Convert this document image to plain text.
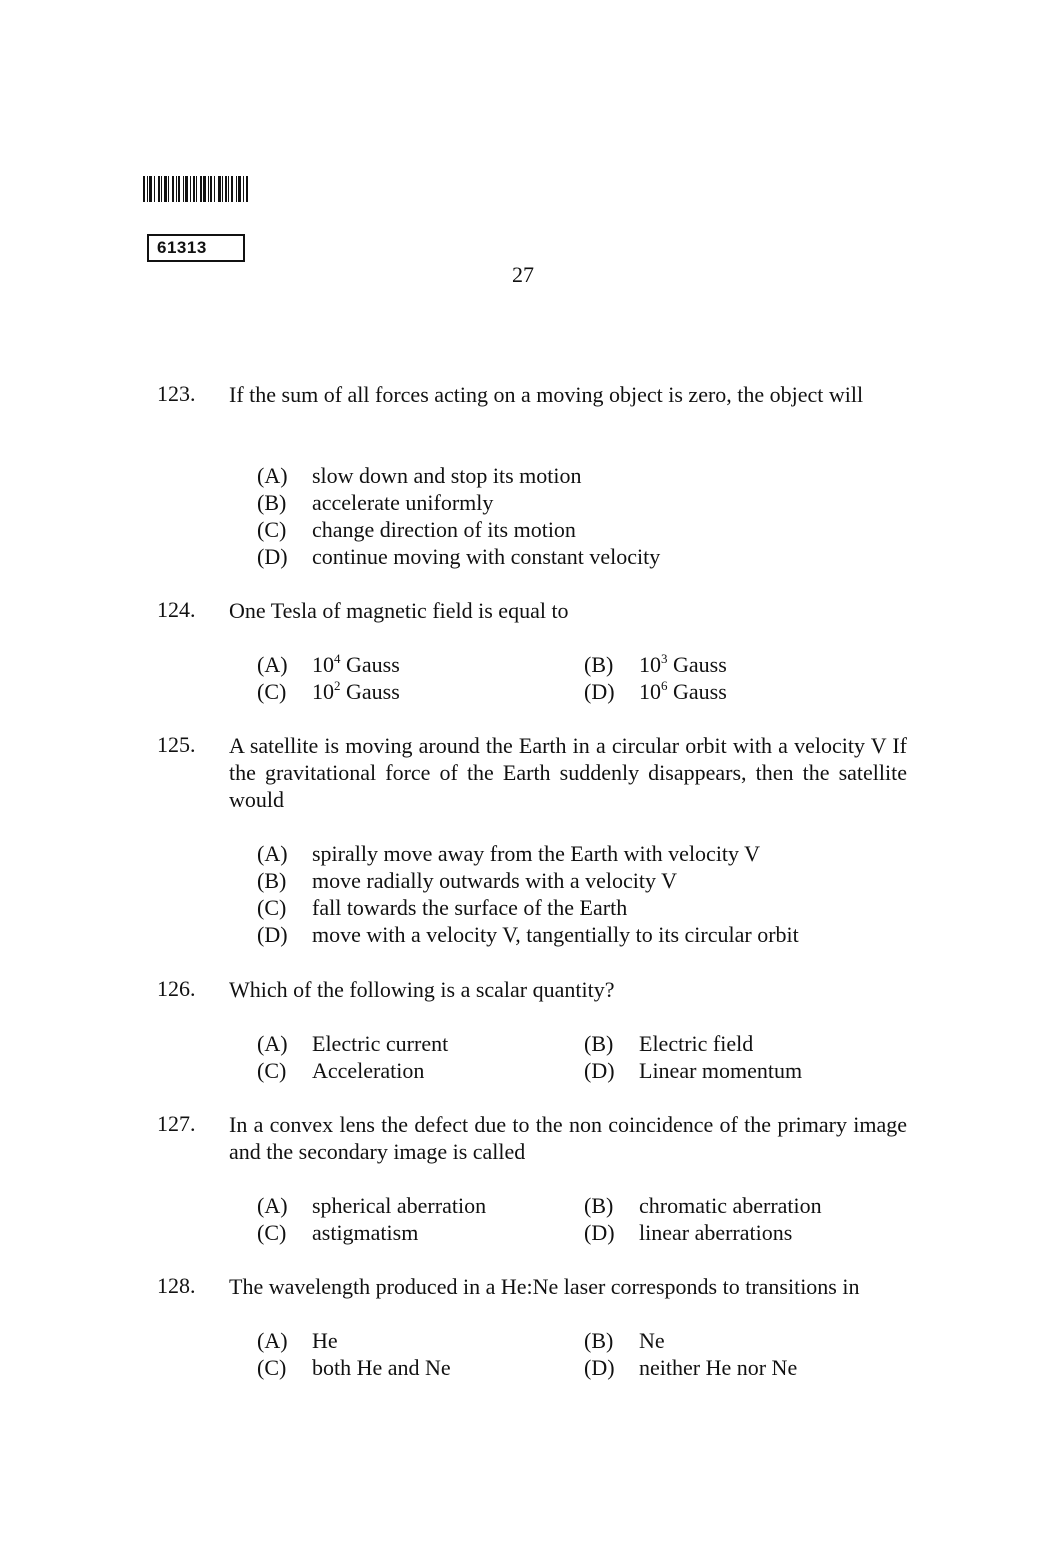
61313
27
123.	If the sum of all forces acting on a moving object is zero, the object will
(A) slow down and stop its motion
(B) accelerate uniformly
(C) change direction of its motion
(D) continue moving with constant velocity
124.	One Tesla of magnetic field is equal to
(A) $10^4$ Gauss	(B) $10^3$ Gauss
(C) $10^2$ Gauss	(D) $10^6$ Gauss
125.	A satellite is moving around the Earth in a circular orbit with a velocity V If the gravitational force of the Earth suddenly disappears, then the satellite would
(A) spirally move away from the Earth with velocity V
(B) move radially outwards with a velocity V
(C) fall towards the surface of the Earth
(D) move with a velocity V, tangentially to its circular orbit
126.	Which of the following is a scalar quantity?
(A) Electric current	(B) Electric field
(C) Acceleration	(D) Linear momentum
127.	In a convex lens the defect due to the non coincidence of the primary image and the secondary image is called
(A) spherical aberration	(B) chromatic aberration
(C) astigmatism	(D) linear aberrations
128.	The wavelength produced in a He:Ne laser corresponds to transitions in
(A) He	(B) Ne
(C) both He and Ne	(D) neither He nor Ne
